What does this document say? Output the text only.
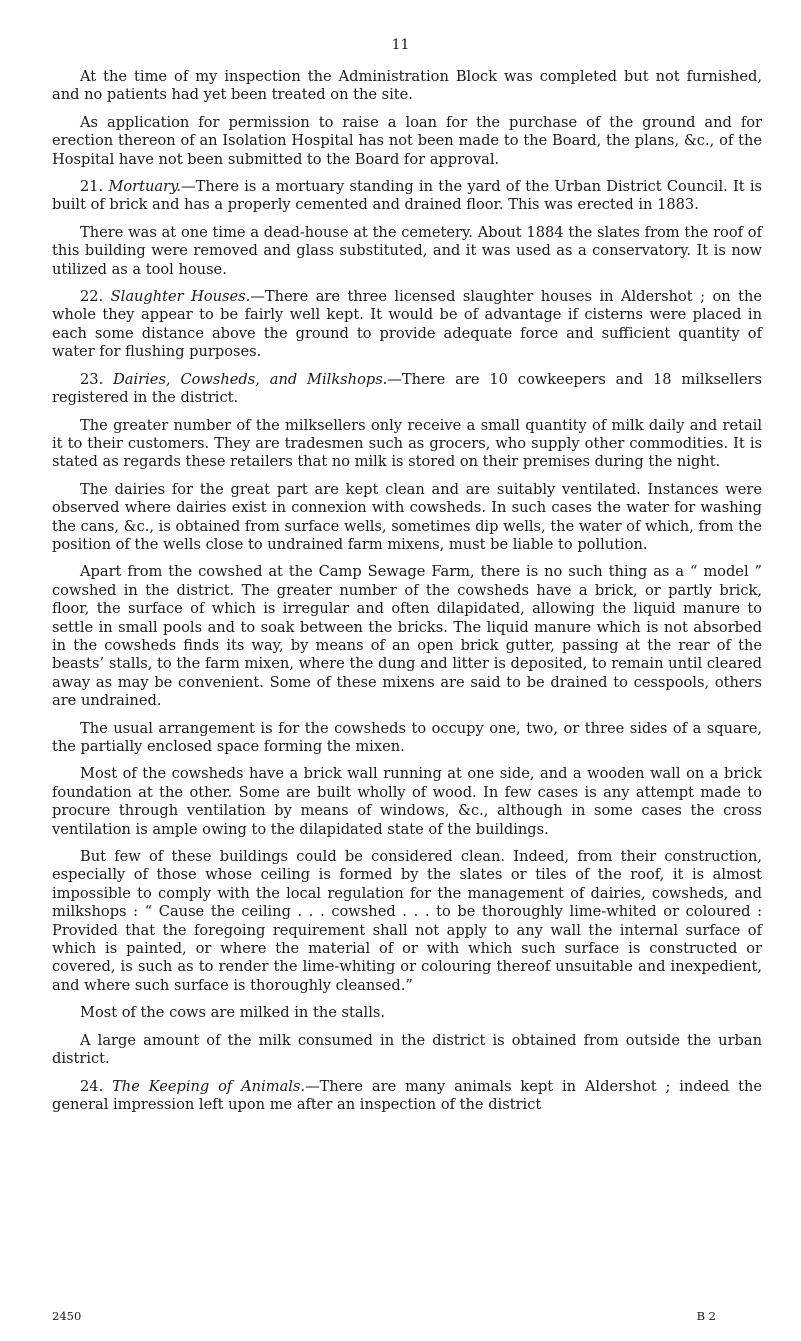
11

At the time of my inspection the Administration Block was completed but not furnished, and no patients had yet been treated on the site.

As application for permission to raise a loan for the purchase of the ground and for erection thereon of an Isolation Hospital has not been made to the Board, the plans, &c., of the Hospital have not been submitted to the Board for approval.

21. Mortuary.—There is a mortuary standing in the yard of the Urban District Council. It is built of brick and has a properly cemented and drained floor. This was erected in 1883.

There was at one time a dead-house at the cemetery. About 1884 the slates from the roof of this building were removed and glass substituted, and it was used as a conservatory. It is now utilized as a tool house.

22. Slaughter Houses.—There are three licensed slaughter houses in Aldershot ; on the whole they appear to be fairly well kept. It would be of advantage if cisterns were placed in each some distance above the ground to provide adequate force and sufficient quantity of water for flushing purposes.

23. Dairies, Cowsheds, and Milkshops.—There are 10 cowkeepers and 18 milksellers registered in the district.

The greater number of the milksellers only receive a small quantity of milk daily and retail it to their customers. They are tradesmen such as grocers, who supply other commodities. It is stated as regards these retailers that no milk is stored on their premises during the night.

The dairies for the great part are kept clean and are suitably ventilated. Instances were observed where dairies exist in connexion with cowsheds. In such cases the water for washing the cans, &c., is obtained from surface wells, sometimes dip wells, the water of which, from the position of the wells close to undrained farm mixens, must be liable to pollution.

Apart from the cowshed at the Camp Sewage Farm, there is no such thing as a “ model ” cowshed in the district. The greater number of the cowsheds have a brick, or partly brick, floor, the surface of which is irregular and often dilapidated, allowing the liquid manure to settle in small pools and to soak between the bricks. The liquid manure which is not absorbed in the cowsheds finds its way, by means of an open brick gutter, passing at the rear of the beasts’ stalls, to the farm mixen, where the dung and litter is deposited, to remain until cleared away as may be convenient. Some of these mixens are said to be drained to cesspools, others are undrained.

The usual arrangement is for the cowsheds to occupy one, two, or three sides of a square, the partially enclosed space forming the mixen.

Most of the cowsheds have a brick wall running at one side, and a wooden wall on a brick foundation at the other. Some are built wholly of wood. In few cases is any attempt made to procure through ventilation by means of windows, &c., although in some cases the cross ventilation is ample owing to the dilapidated state of the buildings.

But few of these buildings could be considered clean. Indeed, from their construction, especially of those whose ceiling is formed by the slates or tiles of the roof, it is almost impossible to comply with the local regulation for the management of dairies, cowsheds, and milkshops : “ Cause the ceiling . . . cowshed . . . to be thoroughly lime-whited or coloured : Provided that the foregoing requirement shall not apply to any wall the internal surface of which is painted, or where the material of or with which such surface is constructed or covered, is such as to render the lime-whiting or colouring thereof unsuitable and inexpedient, and where such surface is thoroughly cleansed.”

Most of the cows are milked in the stalls.

A large amount of the milk consumed in the district is obtained from outside the urban district.

24. The Keeping of Animals.—There are many animals kept in Aldershot ; indeed the general impression left upon me after an inspection of the district

2450	B 2
